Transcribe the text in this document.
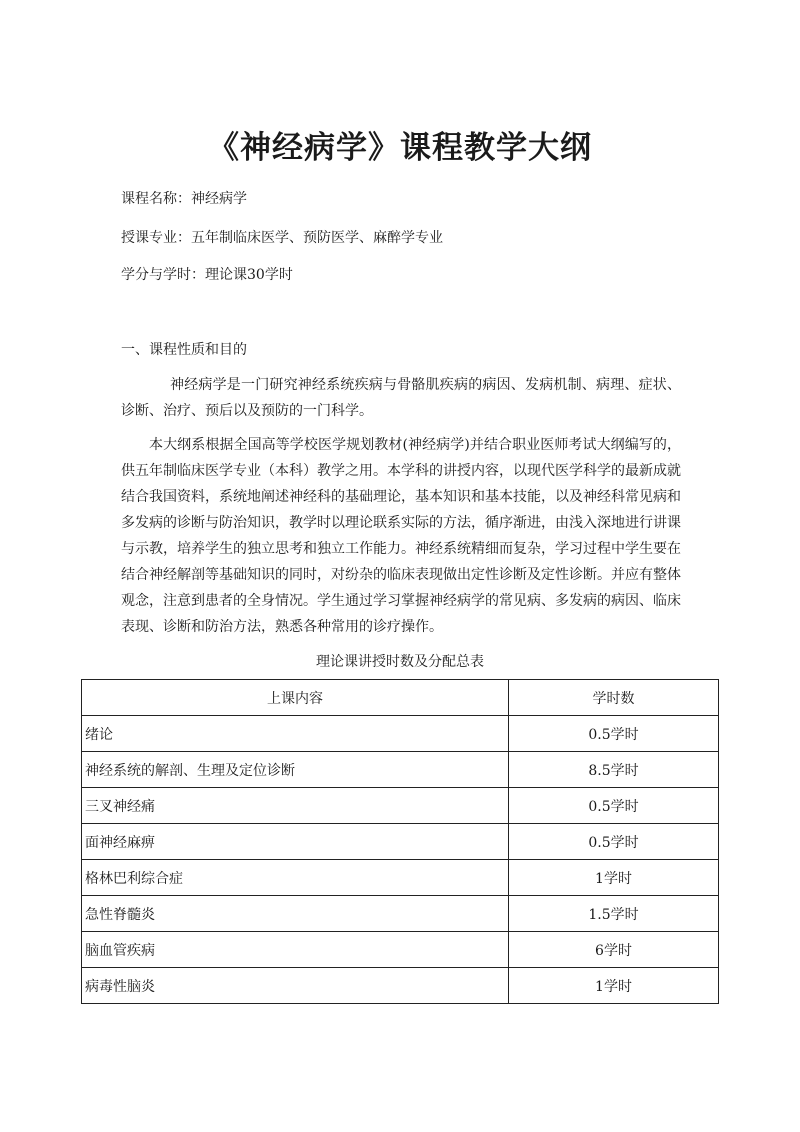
《神经病学》课程教学大纲
课程名称：神经病学
授课专业：五年制临床医学、预防医学、麻醉学专业
学分与学时：理论课30学时
一、课程性质和目的

神经病学是一门研究神经系统疾病与骨骼肌疾病的病因、发病机制、病理、症状、诊断、治疗、预后以及预防的一门科学。

本大纲系根据全国高等学校医学规划教材(神经病学)并结合职业医师考试大纲编写的，供五年制临床医学专业（本科）教学之用。本学科的讲授内容，以现代医学科学的最新成就结合我国资料，系统地阐述神经科的基础理论，基本知识和基本技能，以及神经科常见病和多发病的诊断与防治知识，教学时以理论联系实际的方法，循序渐进，由浅入深地进行讲课与示教，培养学生的独立思考和独立工作能力。神经系统精细而复杂，学习过程中学生要在结合神经解剖等基础知识的同时，对纷杂的临床表现做出定性诊断及定性诊断。并应有整体观念，注意到患者的全身情况。学生通过学习掌握神经病学的常见病、多发病的病因、临床表现、诊断和防治方法，熟悉各种常用的诊疗操作。

理论课讲授时数及分配总表
上课内容	学时数
绪论	0.5学时
神经系统的解剖、生理及定位诊断	8.5学时
三叉神经痛	0.5学时
面神经麻痹	0.5学时
格林巴利综合症	1学时
急性脊髓炎	1.5学时
脑血管疾病	6学时
病毒性脑炎	1学时
